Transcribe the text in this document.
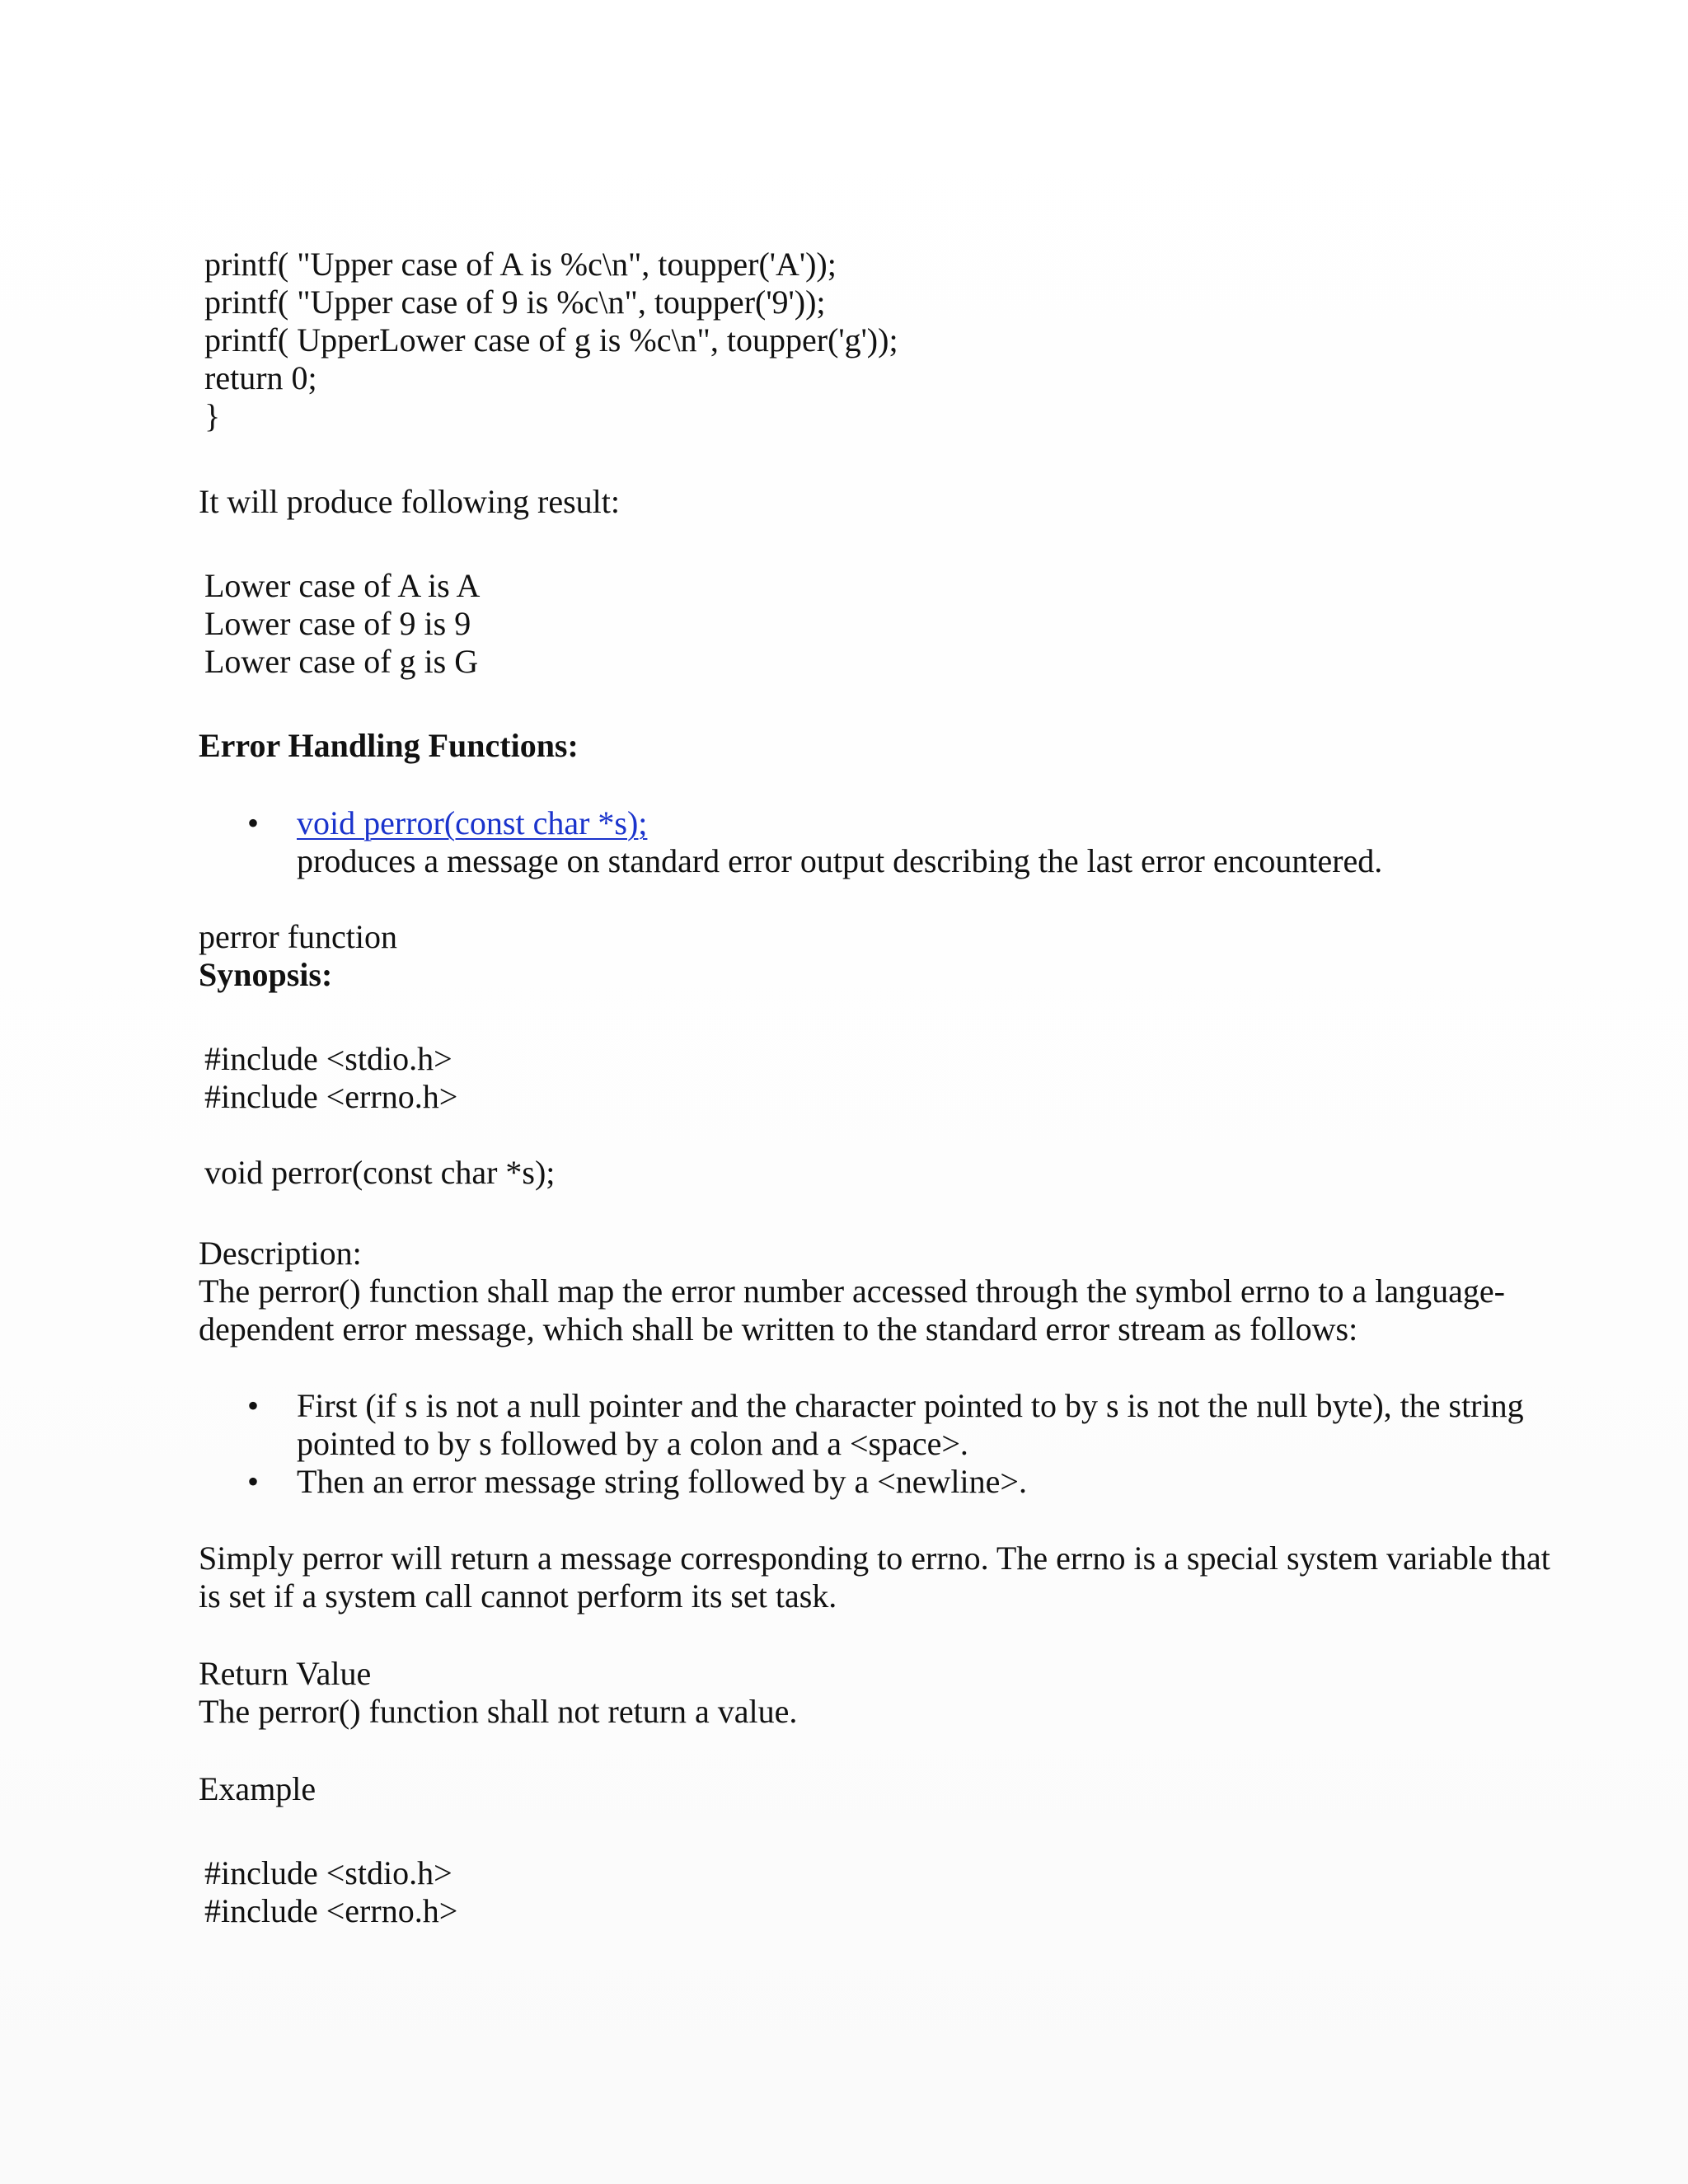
printf( "Upper case of A is %c\n", toupper('A'));
printf( "Upper case of 9 is %c\n", toupper('9'));
printf( UpperLower case of g is %c\n", toupper('g'));
return 0;
}
It will produce following result:
Lower case of A is A
Lower case of 9 is 9
Lower case of g is G
Error Handling Functions:
• void perror(const char *s);
produces a message on standard error output describing the last error encountered.
perror function
Synopsis:
#include <stdio.h>
#include <errno.h>
void perror(const char *s);
Description:
The perror() function shall map the error number accessed through the symbol errno to a language-
dependent error message, which shall be written to the standard error stream as follows:
• First (if s is not a null pointer and the character pointed to by s is not the null byte), the string
pointed to by s followed by a colon and a <space>.
• Then an error message string followed by a <newline>.
Simply perror will return a message corresponding to errno. The errno is a special system variable that
is set if a system call cannot perform its set task.
Return Value
The perror() function shall not return a value.
Example
#include <stdio.h>
#include <errno.h>
